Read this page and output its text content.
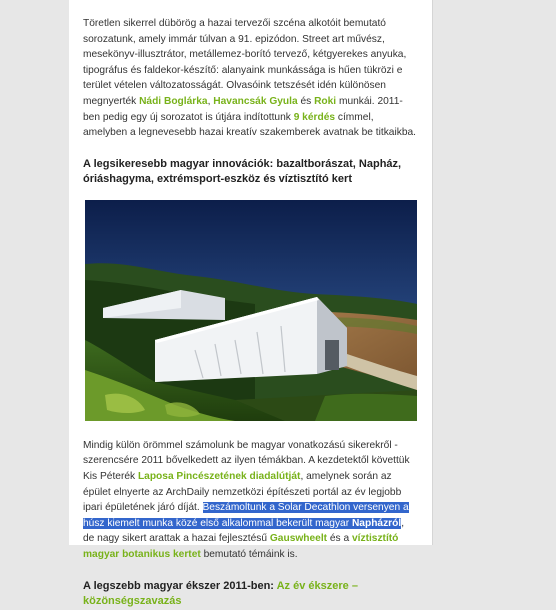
Töretlen sikerrel dübörög a hazai tervezői szcéna alkotóit bemutató sorozatunk, amely immár túlvan a 91. epizódon. Street art művész, mesekönyv-illusztrátor, metállemez-borító tervező, kétgyerekes anyuka, tipográfus és faldekor-készítő: alanyaink munkássága is hűen tükrözi e terület vételen változatosságát. Olvasóink tetszését idén különösen megnyerték Nádi Boglárka, Havancsák Gyula és Roki munkái. 2011-ben pedig egy új sorozatot is útjára indítottunk 9 kérdés címmel, amelyben a legnevesebb hazai kreatív szakemberek avatnak be titkaikba.

A legsikeresebb magyar innovációk: bazaltborászat, Napház, óriáshagyma, extrémsport-eszköz és víztisztító kert

Mindig külön örömmel számolunk be magyar vonatkozású sikerekről - szerencsére 2011 bővelkedett az ilyen témákban. A kezdetektől követtük Kis Péterék Laposa Pincészetének diadalútját, amelynek során az épület elnyerte az ArchDaily nemzetközi építészeti portál az év legjobb ipari épületének járó díját. Beszámoltunk a Solar Decathlon versenyen a húsz kiemelt munka közé első alkalommal bekerült magyar Napházról, de nagy sikert arattak a hazai fejlesztésű Gauswheelt és a víztisztító magyar botanikus kertet bemutató témáink is.

A legszebb magyar ékszer 2011-ben: Az év ékszere – közönségszavazás
